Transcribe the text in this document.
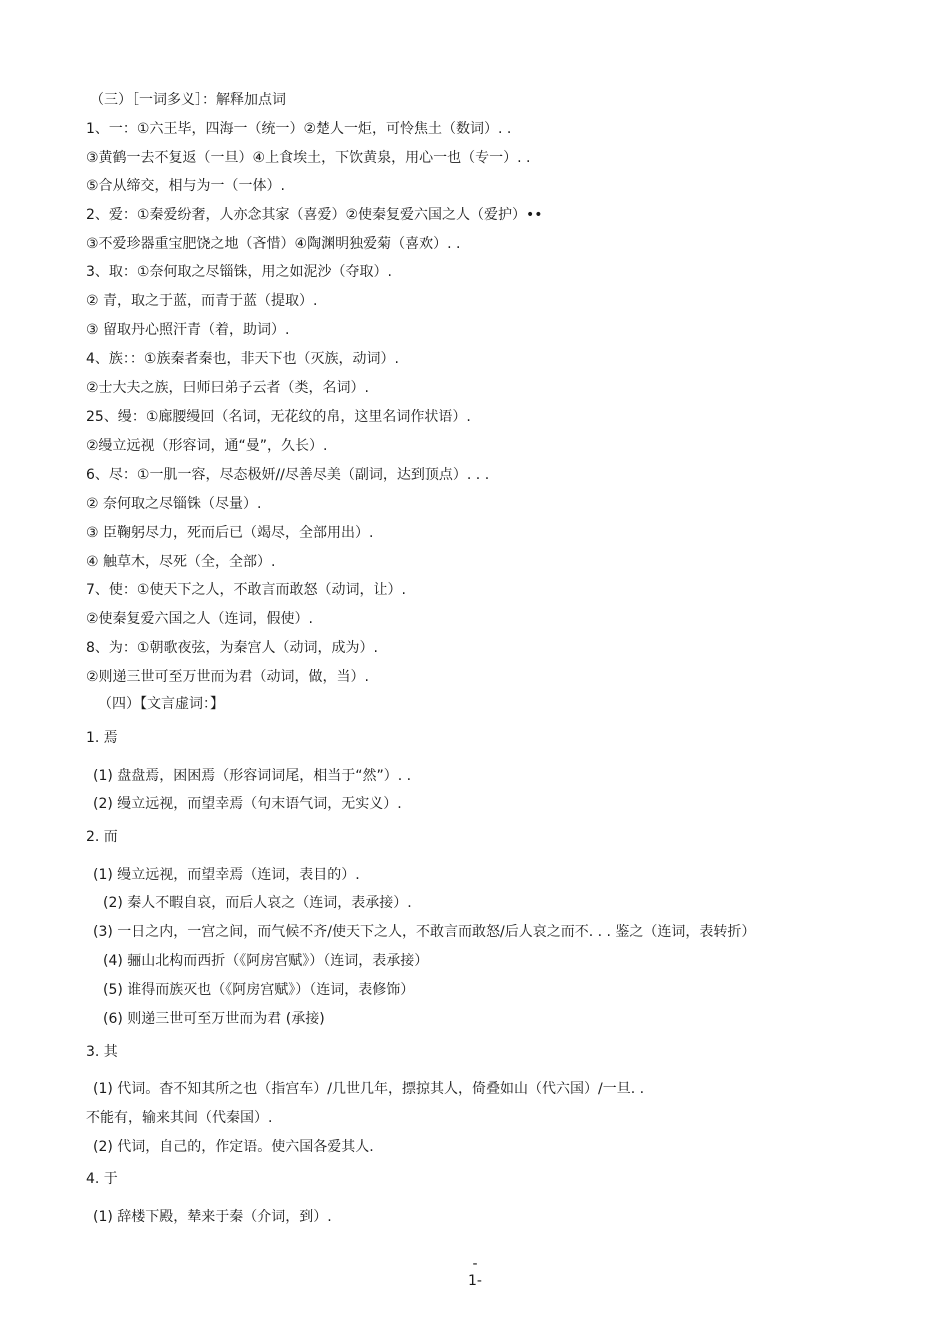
（三）［一词多义］：解释加点词
1、一：①六王毕，四海一（统一）②楚人一炬，可怜焦土（数词）. .
③黄鹤一去不复返（一旦）④上食埃土，下饮黄泉，用心一也（专一）. .
⑤合从缔交，相与为一（一体）.
2、爱：①秦爱纷奢，人亦念其家（喜爱）②使秦复爱六国之人（爱护）••
③不爱珍器重宝肥饶之地（吝惜）④陶渊明独爱菊（喜欢）. .
3、取：①奈何取之尽锱铢，用之如泥沙（夺取）.
② 青，取之于蓝，而青于蓝（提取）.
③ 留取丹心照汗青（着，助词）.
4、族：：①族秦者秦也，非天下也（灭族，动词）.
②士大夫之族，曰师曰弟子云者（类，名词）.
25、缦：①廊腰缦回（名词，无花纹的帛，这里名词作状语）.
②缦立远视（形容词，通“曼”，久长）.
6、尽：①一肌一容，尽态极妍//尽善尽美（副词，达到顶点）. . .
② 奈何取之尽锱铢（尽量）.
③ 臣鞠躬尽力，死而后已（竭尽，全部用出）.
④ 触草木，尽死（全，全部）.
7、使：①使天下之人，不敢言而敢怒（动词，让）.
②使秦复爱六国之人（连词，假使）.
8、为：①朝歌夜弦，为秦宫人（动词，成为）.
②则递三世可至万世而为君（动词，做，当）.
（四）【文言虚词：】
1. 焉
(1) 盘盘焉，困困焉（形容词词尾，相当于“然”）. .
(2) 缦立远视，而望幸焉（句末语气词，无实义）.
2. 而
(1) 缦立远视，而望幸焉（连词，表目的）.
(2) 秦人不暇自哀，而后人哀之（连词，表承接）.
(3) 一日之内，一宫之间，而气候不齐/使天下之人，不敢言而敢怒/后人哀之而不. . . 鉴之（连词，表转折）
(4) 骊山北构而西折（《阿房宫赋》）（连词，表承接）
(5) 谁得而族灭也（《阿房宫赋》）（连词，表修饰）
(6) 则递三世可至万世而为君 (承接)
3. 其
(1) 代词。杳不知其所之也（指宫车）/几世几年，摽掠其人，倚叠如山（代六国）/一旦. .
不能有，输来其间（代秦国）.
(2) 代词，自己的，作定语。使六国各爱其人.
4. 于
(1) 辞楼下殿，辇来于秦（介词，到）.
-
1-
